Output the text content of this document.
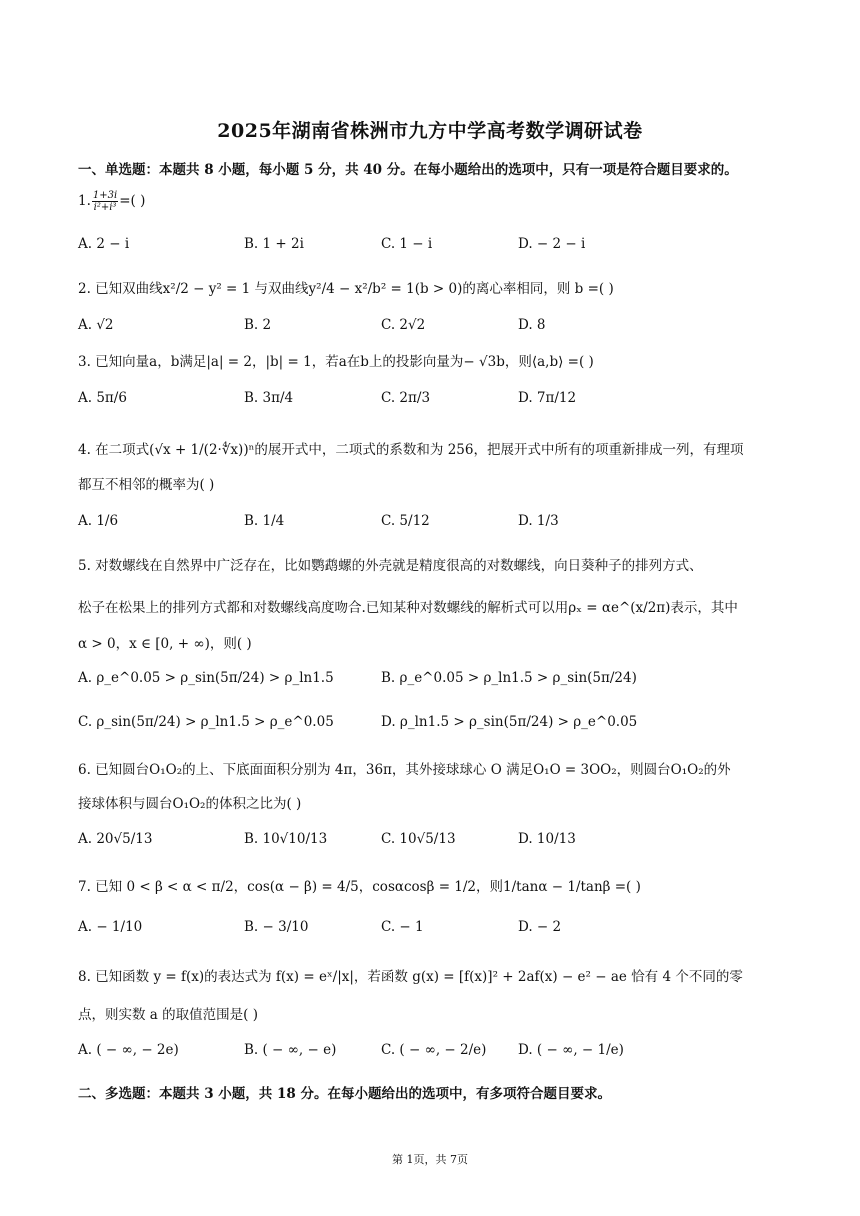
2025年湖南省株洲市九方中学高考数学调研试卷
一、单选题：本题共 8 小题，每小题 5 分，共 40 分。在每小题给出的选项中，只有一项是符合题目要求的。
1. $\frac{1+3i}{\text{i²+i³}}$ =( )
A. 2 − i	B. 1 + 2i	C. 1 − i	D. − 2 − i
2. 已知双曲线x²/2 − y² = 1 与双曲线y²/4 − x²/b² = 1(b > 0)的离心率相同，则 b =( )
A. √2	B. 2	C. 2√2	D. 8
3. 已知向量a，b满足|a| = 2，|b| = 1，若a在b上的投影向量为− √3b，则⟨a,b⟩ =( )
A. 5π/6	B. 3π/4	C. 2π/3	D. 7π/12
4. 在二项式(√x + 1/(2·∜x))ⁿ的展开式中，二项式的系数和为 256，把展开式中所有的项重新排成一列，有理项
都互不相邻的概率为( )
A. 1/6	B. 1/4	C. 5/12	D. 1/3
5. 对数螺线在自然界中广泛存在，比如鹦鹉螺的外壳就是精度很高的对数螺线，向日葵种子的排列方式、
松子在松果上的排列方式都和对数螺线高度吻合.已知某种对数螺线的解析式可以用ρₓ = αe^(x/2π)表示，其中
α > 0，x ∈ [0, + ∞)，则( )
A. ρ_e^0.05 > ρ_sin(5π/24) > ρ_ln1.5	B. ρ_e^0.05 > ρ_ln1.5 > ρ_sin(5π/24)
C. ρ_sin(5π/24) > ρ_ln1.5 > ρ_e^0.05	D. ρ_ln1.5 > ρ_sin(5π/24) > ρ_e^0.05
6. 已知圆台O₁O₂的上、下底面面积分别为 4π，36π，其外接球球心 O 满足O₁O = 3OO₂，则圆台O₁O₂的外
接球体积与圆台O₁O₂的体积之比为( )
A. 20√5/13	B. 10√10/13	C. 10√5/13	D. 10/13
7. 已知 0 < β < α < π/2，cos(α − β) = 4/5，cosαcosβ = 1/2，则1/tanα − 1/tanβ =( )
A. − 1/10	B. − 3/10	C. − 1	D. − 2
8. 已知函数 y = f(x)的表达式为 f(x) = eˣ/|x|，若函数 g(x) = [f(x)]² + 2af(x) − e² − ae 恰有 4 个不同的零
点，则实数 a 的取值范围是( )
A. ( − ∞, − 2e)	B. ( − ∞, − e)	C. ( − ∞, − 2/e) D. ( − ∞, − 1/e)
二、多选题：本题共 3 小题，共 18 分。在每小题给出的选项中，有多项符合题目要求。
第 1页，共 7页
